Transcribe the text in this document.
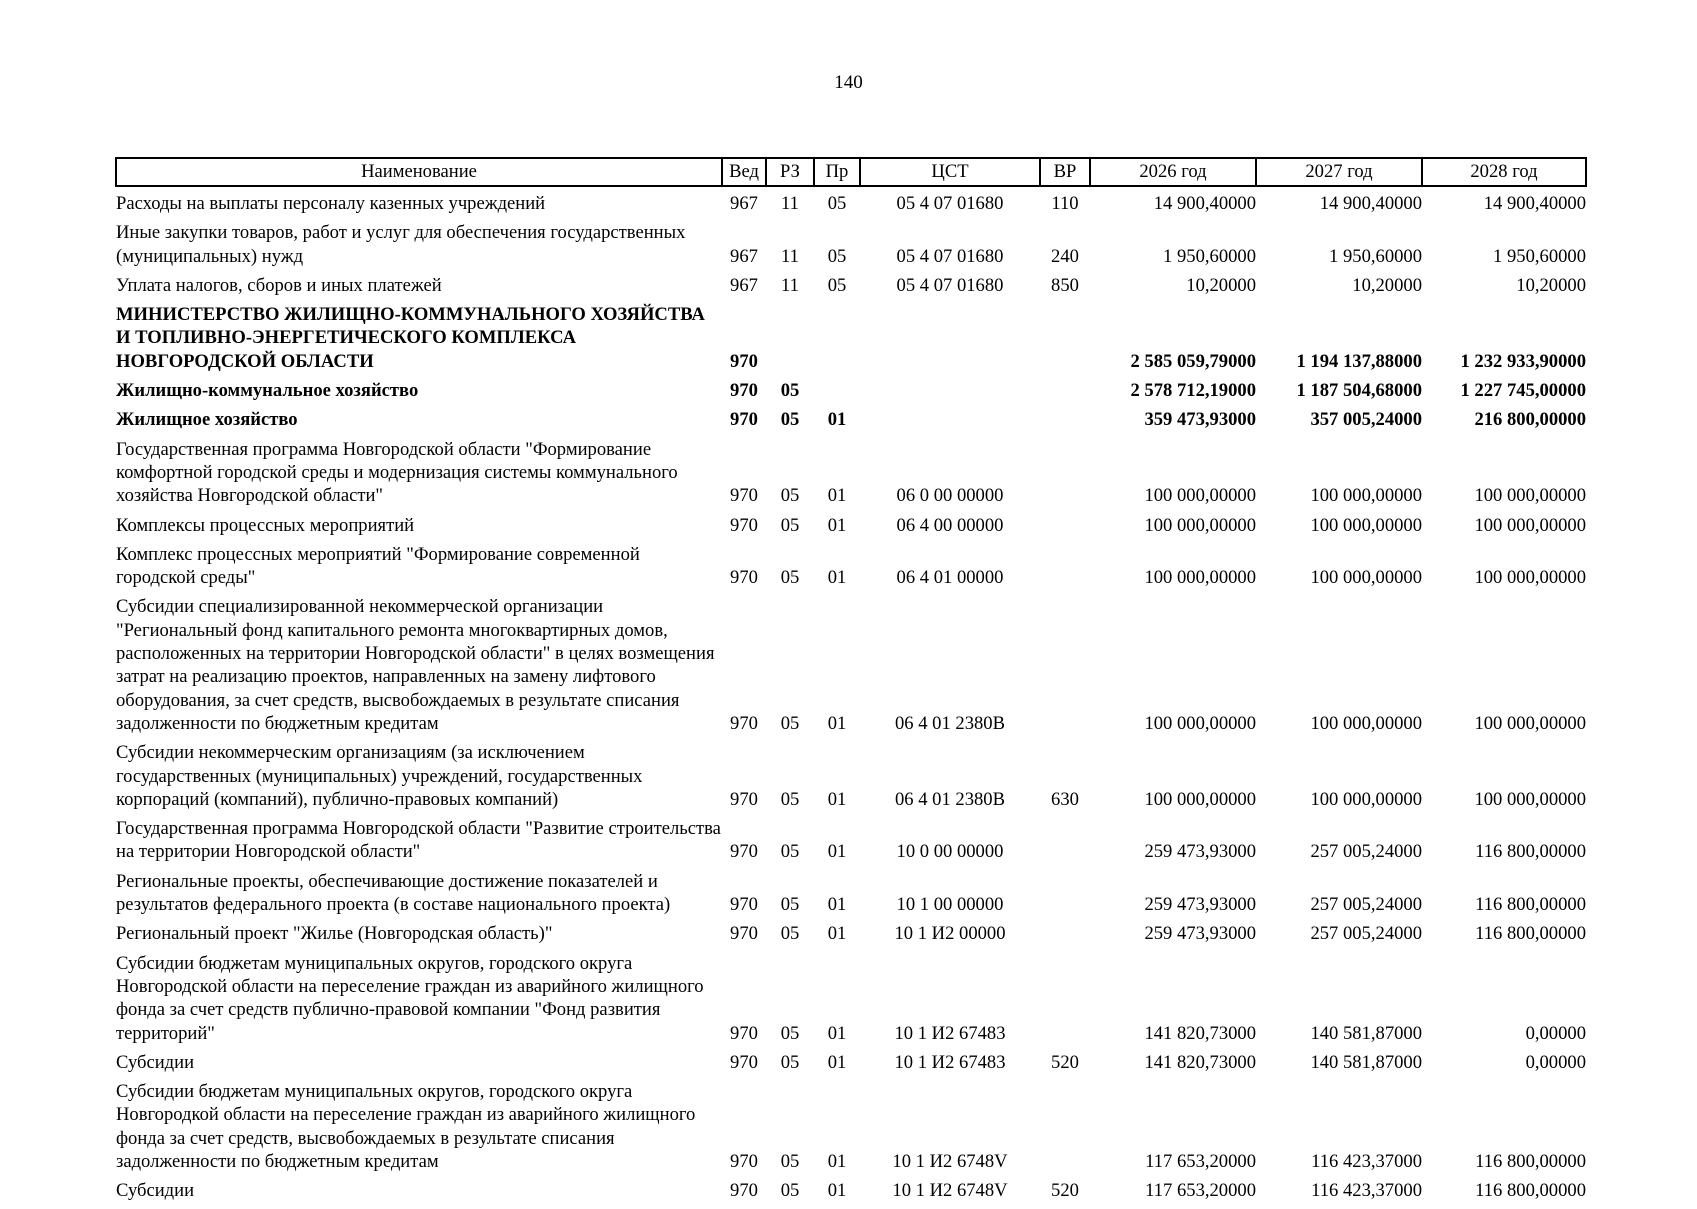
140
Наименование	Вед	РЗ	Пр	ЦСТ	ВР	2026 год	2027 год	2028 год
Расходы на выплаты персоналу казенных учреждений	967	11	05	05 4 07 01680	110	14 900,40000	14 900,40000	14 900,40000
Иные закупки товаров, работ и услуг для обеспечения государственных (муниципальных) нужд	967	11	05	05 4 07 01680	240	1 950,60000	1 950,60000	1 950,60000
Уплата налогов, сборов и иных платежей	967	11	05	05 4 07 01680	850	10,20000	10,20000	10,20000
МИНИСТЕРСТВО ЖИЛИЩНО-КОММУНАЛЬНОГО ХОЗЯЙСТВА И ТОПЛИВНО-ЭНЕРГЕТИЧЕСКОГО КОМПЛЕКСА НОВГОРОДСКОЙ ОБЛАСТИ	970					2 585 059,79000	1 194 137,88000	1 232 933,90000
Жилищно-коммунальное хозяйство	970	05				2 578 712,19000	1 187 504,68000	1 227 745,00000
Жилищное хозяйство	970	05	01			359 473,93000	357 005,24000	216 800,00000
Государственная программа Новгородской области "Формирование комфортной городской среды и модернизация системы коммунального хозяйства Новгородской области"	970	05	01	06 0 00 00000		100 000,00000	100 000,00000	100 000,00000
Комплексы процессных мероприятий	970	05	01	06 4 00 00000		100 000,00000	100 000,00000	100 000,00000
Комплекс процессных мероприятий "Формирование современной городской среды"	970	05	01	06 4 01 00000		100 000,00000	100 000,00000	100 000,00000
Субсидии специализированной некоммерческой организации "Региональный фонд капитального ремонта многоквартирных домов, расположенных на территории Новгородской области" в целях возмещения затрат на реализацию проектов, направленных на замену лифтового оборудования, за счет средств, высвобождаемых в результате списания задолженности по бюджетным кредитам	970	05	01	06 4 01 2380B		100 000,00000	100 000,00000	100 000,00000
Субсидии некоммерческим организациям (за исключением государственных (муниципальных) учреждений, государственных корпораций (компаний), публично-правовых компаний)	970	05	01	06 4 01 2380B	630	100 000,00000	100 000,00000	100 000,00000
Государственная программа Новгородской области "Развитие строительства на территории Новгородской области"	970	05	01	10 0 00 00000		259 473,93000	257 005,24000	116 800,00000
Региональные проекты, обеспечивающие достижение показателей и результатов федерального проекта (в составе национального проекта)	970	05	01	10 1 00 00000		259 473,93000	257 005,24000	116 800,00000
Региональный проект "Жилье (Новгородская область)"	970	05	01	10 1 И2 00000		259 473,93000	257 005,24000	116 800,00000
Субсидии бюджетам муниципальных округов, городского округа Новгородской области на переселение граждан из аварийного жилищного фонда за счет средств публично-правовой компании "Фонд развития территорий"	970	05	01	10 1 И2 67483		141 820,73000	140 581,87000	0,00000
Субсидии	970	05	01	10 1 И2 67483	520	141 820,73000	140 581,87000	0,00000
Субсидии бюджетам муниципальных округов, городского округа Новгородкой области на переселение граждан из аварийного жилищного фонда за счет средств, высвобождаемых в результате списания задолженности по бюджетным кредитам	970	05	01	10 1 И2 6748V		117 653,20000	116 423,37000	116 800,00000
Субсидии	970	05	01	10 1 И2 6748V	520	117 653,20000	116 423,37000	116 800,00000
